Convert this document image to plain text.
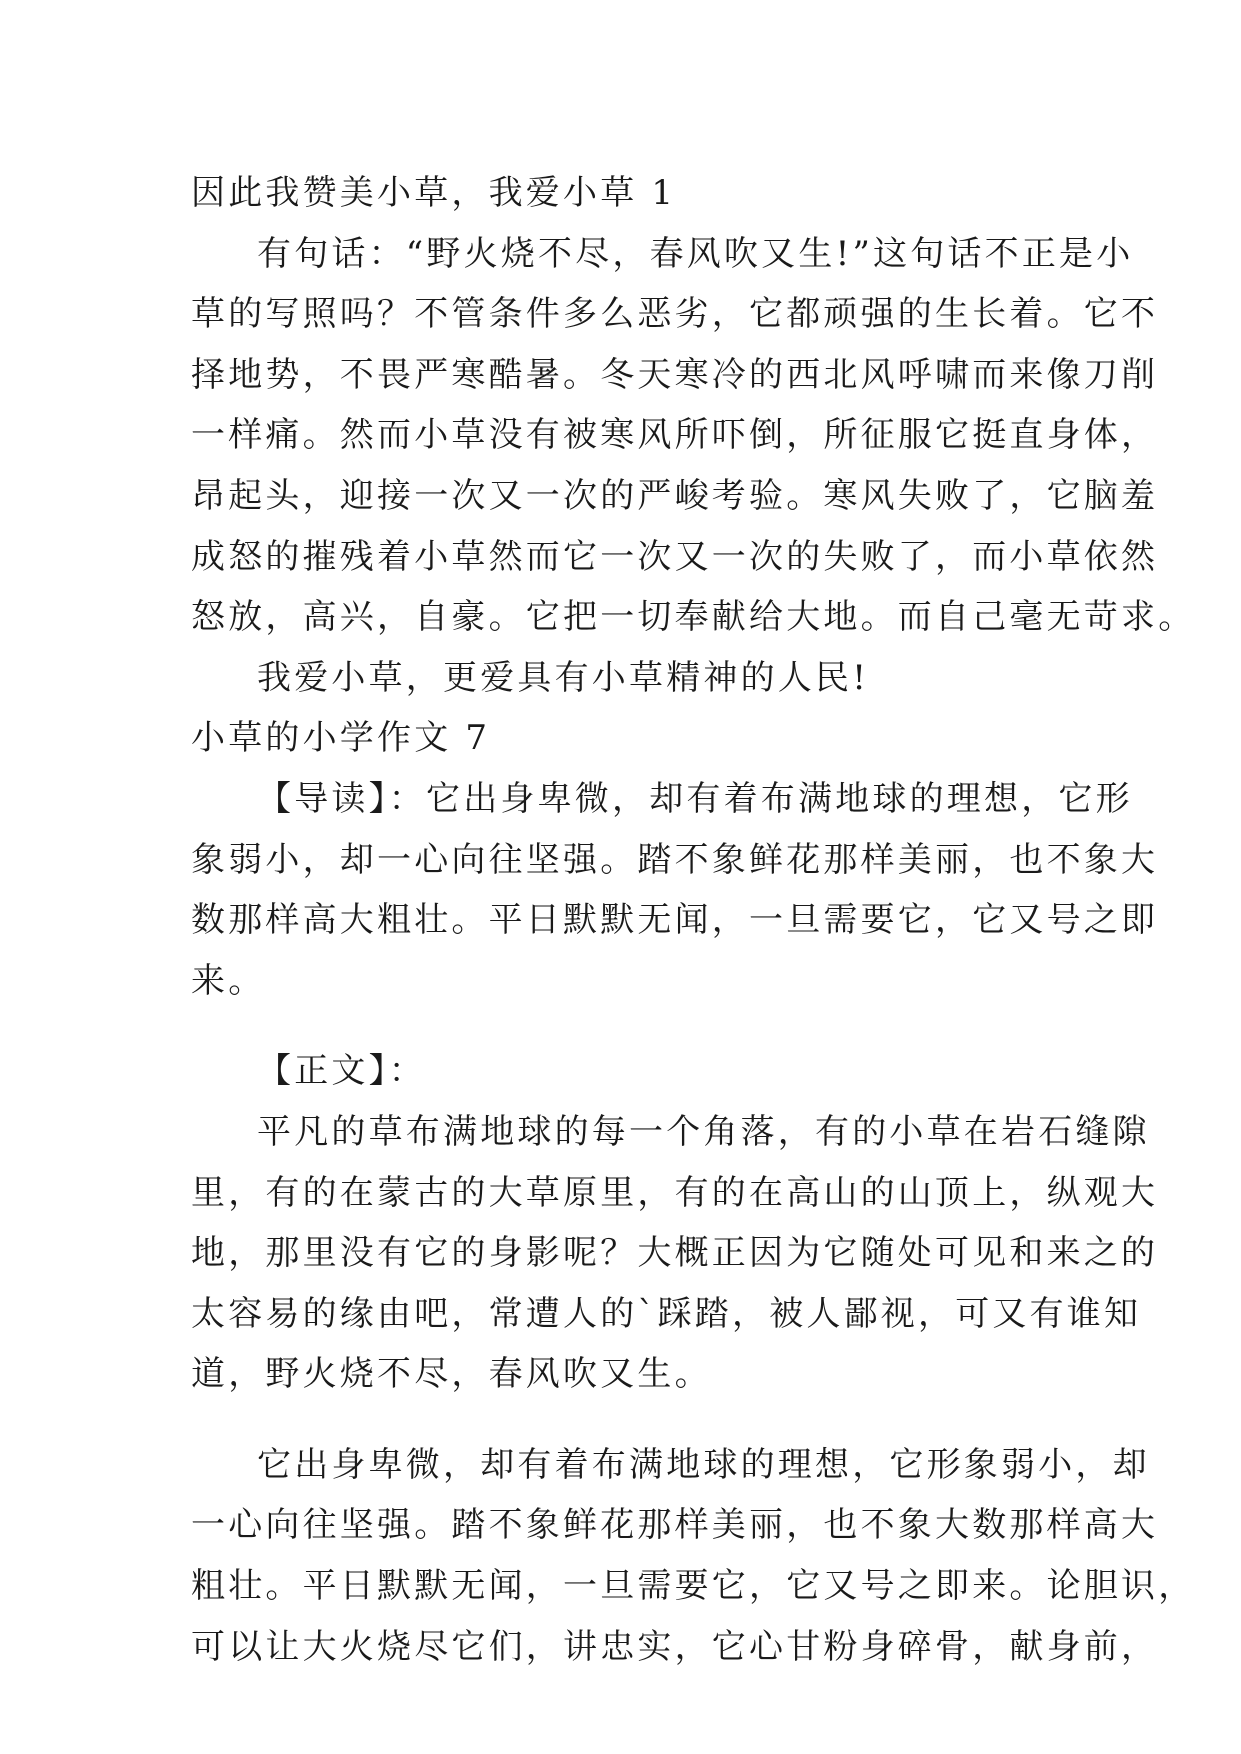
因此我赞美小草，我爱小草 1
有句话：“野火烧不尽，春风吹又生!”这句话不正是小
草的写照吗？不管条件多么恶劣，它都顽强的生长着。它不
择地势，不畏严寒酷暑。冬天寒冷的西北风呼啸而来像刀削
一样痛。然而小草没有被寒风所吓倒，所征服它挺直身体，
昂起头，迎接一次又一次的严峻考验。寒风失败了，它脑羞
成怒的摧残着小草然而它一次又一次的失败了，而小草依然
怒放，高兴，自豪。它把一切奉献给大地。而自己毫无苛求。
我爱小草，更爱具有小草精神的人民!
小草的小学作文 7
【导读】：它出身卑微，却有着布满地球的理想，它形
象弱小，却一心向往坚强。踏不象鲜花那样美丽，也不象大
数那样高大粗壮。平日默默无闻，一旦需要它，它又号之即
来。
【正文】：
平凡的草布满地球的每一个角落，有的小草在岩石缝隙
里，有的在蒙古的大草原里，有的在高山的山顶上，纵观大
地，那里没有它的身影呢？大概正因为它随处可见和来之的
太容易的缘由吧，常遭人的`踩踏，被人鄙视，可又有谁知
道，野火烧不尽，春风吹又生。
它出身卑微，却有着布满地球的理想，它形象弱小，却
一心向往坚强。踏不象鲜花那样美丽，也不象大数那样高大
粗壮。平日默默无闻，一旦需要它，它又号之即来。论胆识，
可以让大火烧尽它们，讲忠实，它心甘粉身碎骨，献身前，
